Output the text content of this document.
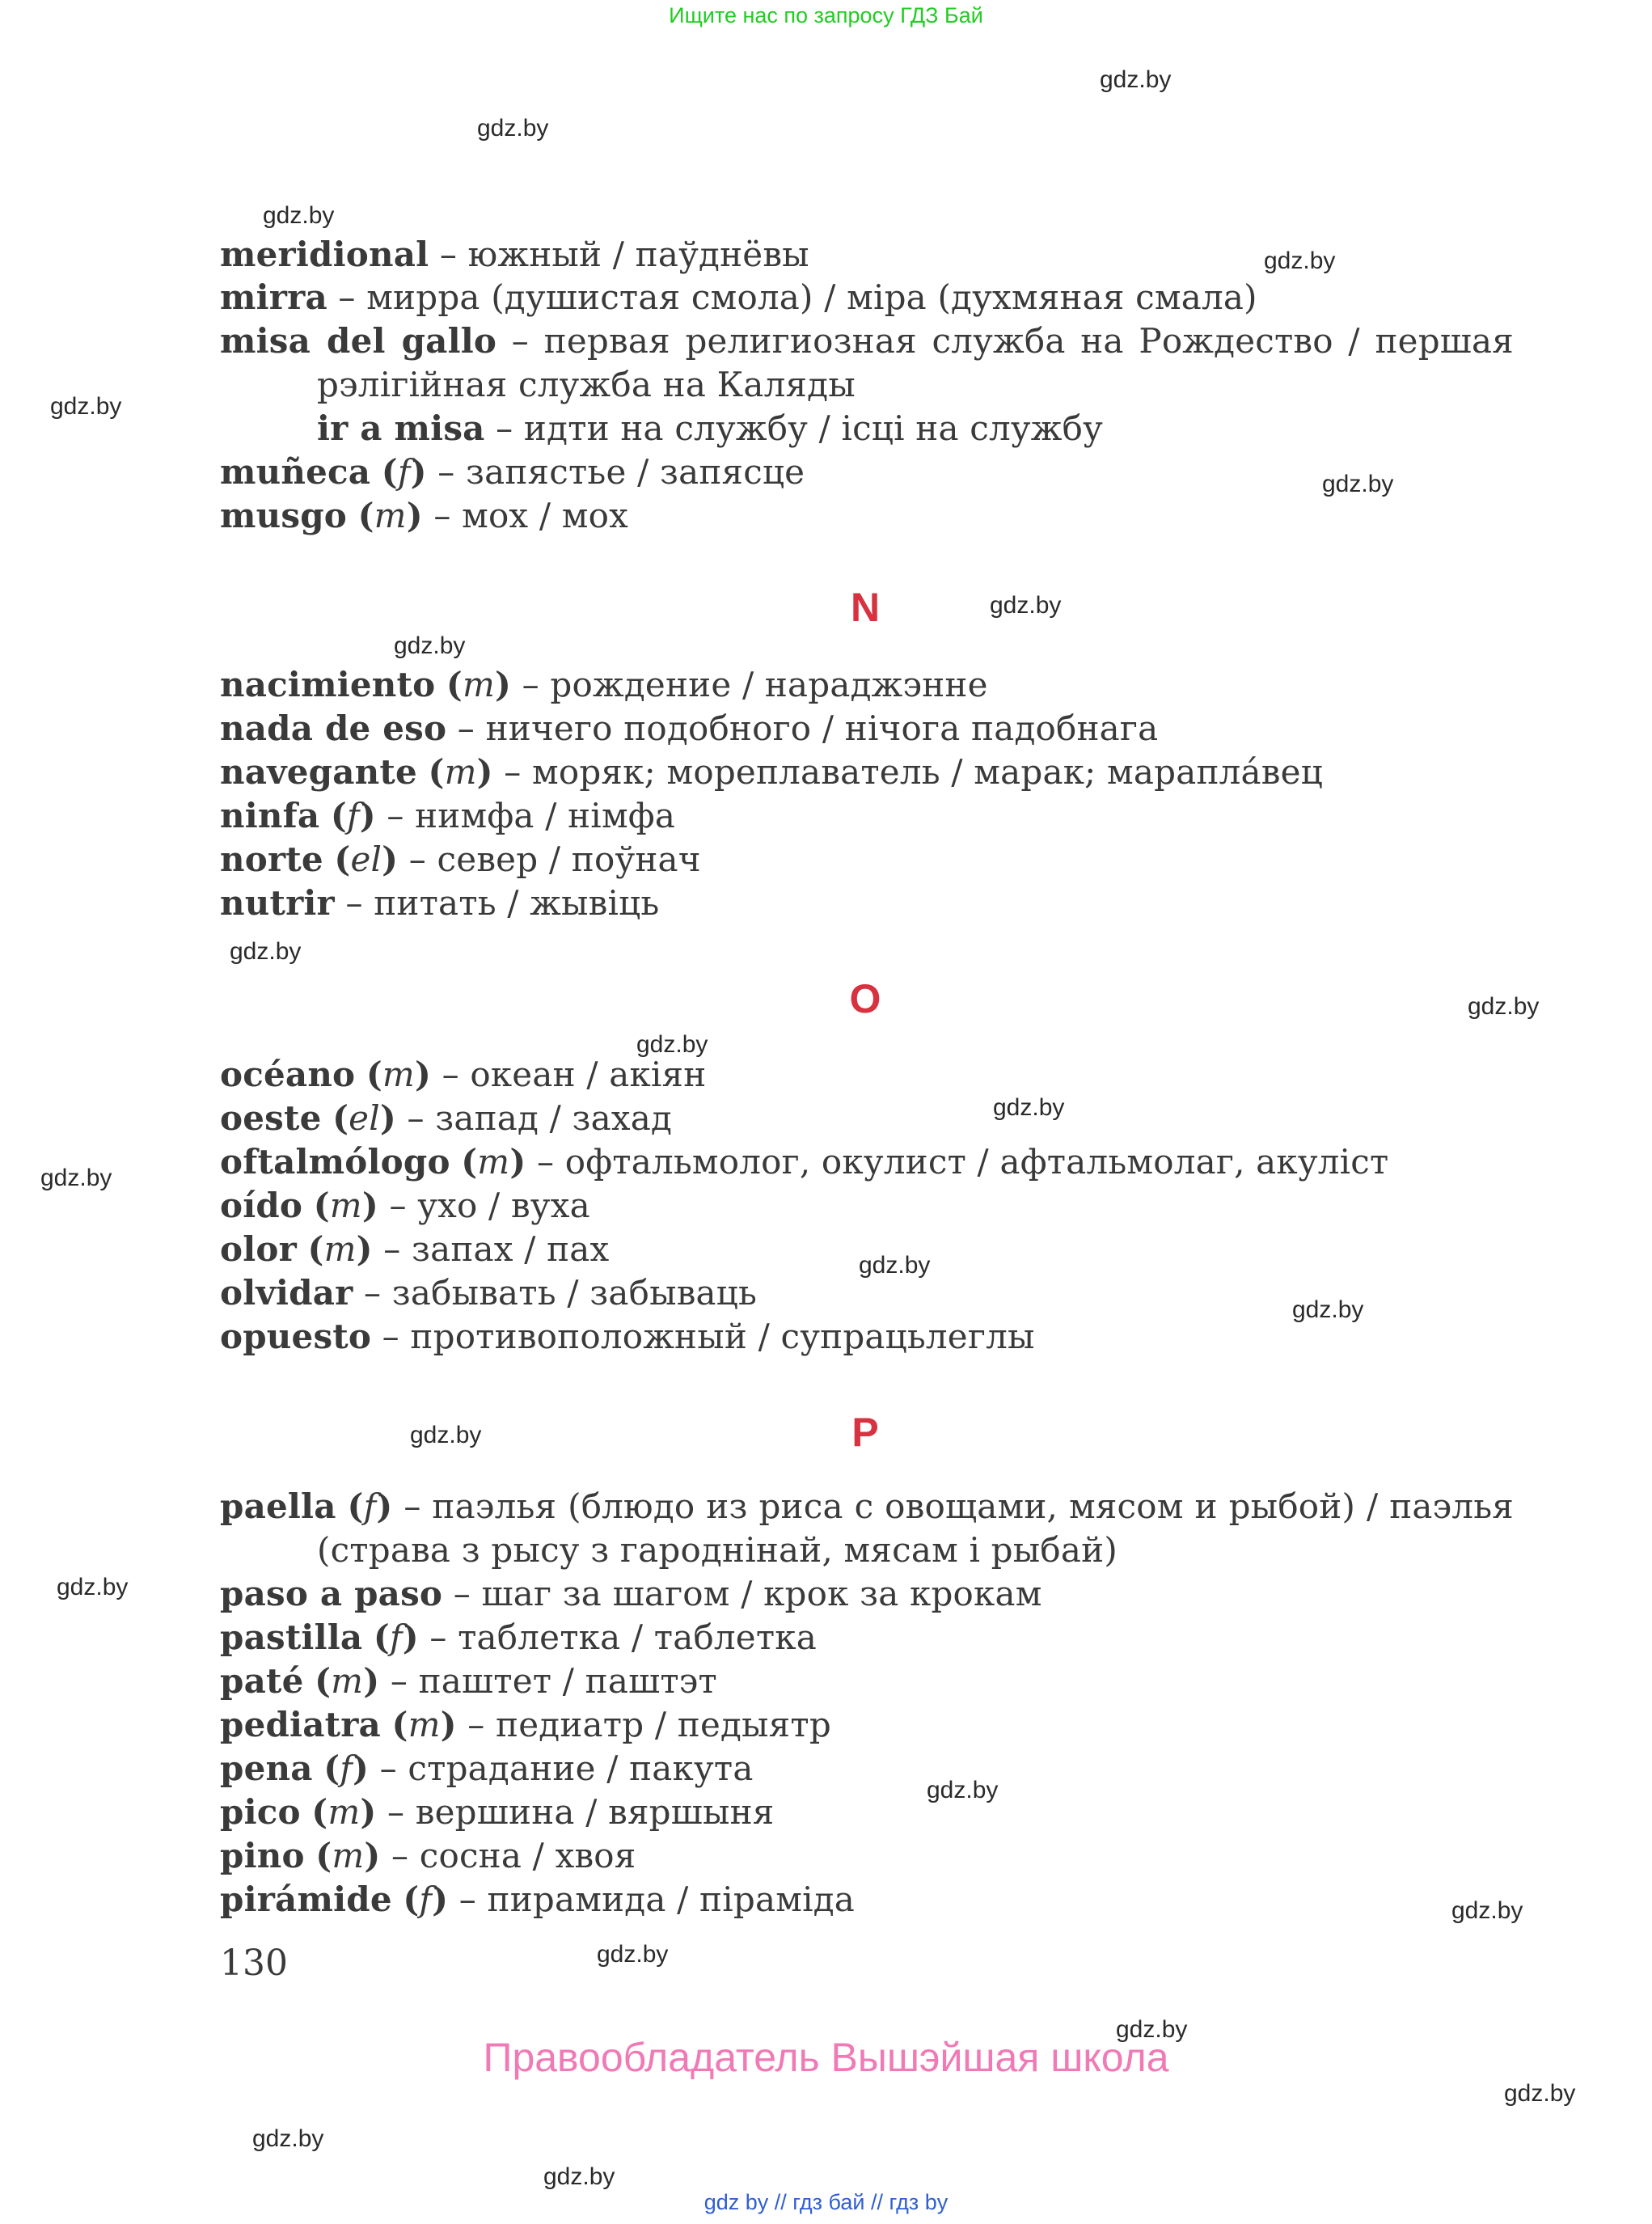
Ищите нас по запросу ГДЗ Бай
gdz.by
gdz.by
gdz.by
gdz.by
gdz.by
gdz.by
gdz.by
gdz.by
gdz.by
gdz.by
gdz.by
gdz.by
gdz.by
gdz.by
gdz.by
gdz.by
gdz.by
gdz.by
gdz.by
gdz.by
gdz.by
gdz.by
gdz.by
gdz.by
meridional – южный / паўднёвы
mirra – мирра (душистая смола) / міра (духмяная смала)
misa del gallo – первая религиозная служба на Рождество / першая
рэлігійная служба на Каляды
ir a misa – идти на службу / ісці на службу
muñeca (f) – запястье / запясце
musgo (m) – мох / мох
N
nacimiento (m) – рождение / нараджэнне
nada de eso – ничего подобного / нічога падобнага
navegante (m) – моряк; мореплаватель / марак; марапла́вец
ninfa (f) – нимфа / німфа
norte (el) – север / поўнач
nutrir – питать / жывіць
O
océano (m) – океан / акіян
oeste (el) – запад / захад
oftalmólogo (m) – офтальмолог, окулист / афтальмолаг, акуліст
oído (m) – ухо / вуха
olor (m) – запах / пах
olvidar – забывать / забываць
opuesto – противоположный / супрацьлеглы
P
paella (f) – паэлья (блюдо из риса с овощами, мясом и рыбой) / паэлья
(страва з рысу з гароднінай, мясам і рыбай)
paso a paso – шаг за шагом / крок за крокам
pastilla (f) – таблетка / таблетка
paté (m) – паштет / паштэт
pediatra (m) – педиатр / педыятр
pena (f) – страдание / пакута
pico (m) – вершина / вяршыня
pino (m) – сосна / хвоя
pirámide (f) – пирамида / піраміда
130
Правообладатель Вышэйшая школа
gdz by // гдз бай // гдз by
